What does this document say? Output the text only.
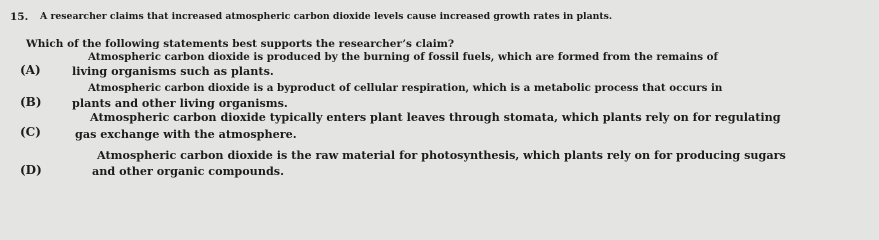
15. A researcher claims that increased atmospheric carbon dioxide levels cause increased growth rates in plants.
Which of the following statements best supports the researcher’s claim?
(A)
Atmospheric carbon dioxide is produced by the burning of fossil fuels, which are formed from the remains of
living organisms such as plants.
(B)
Atmospheric carbon dioxide is a byproduct of cellular respiration, which is a metabolic process that occurs in
plants and other living organisms.
(C)
Atmospheric carbon dioxide typically enters plant leaves through stomata, which plants rely on for regulating
gas exchange with the atmosphere.
(D)
Atmospheric carbon dioxide is the raw material for photosynthesis, which plants rely on for producing sugars
and other organic compounds.
